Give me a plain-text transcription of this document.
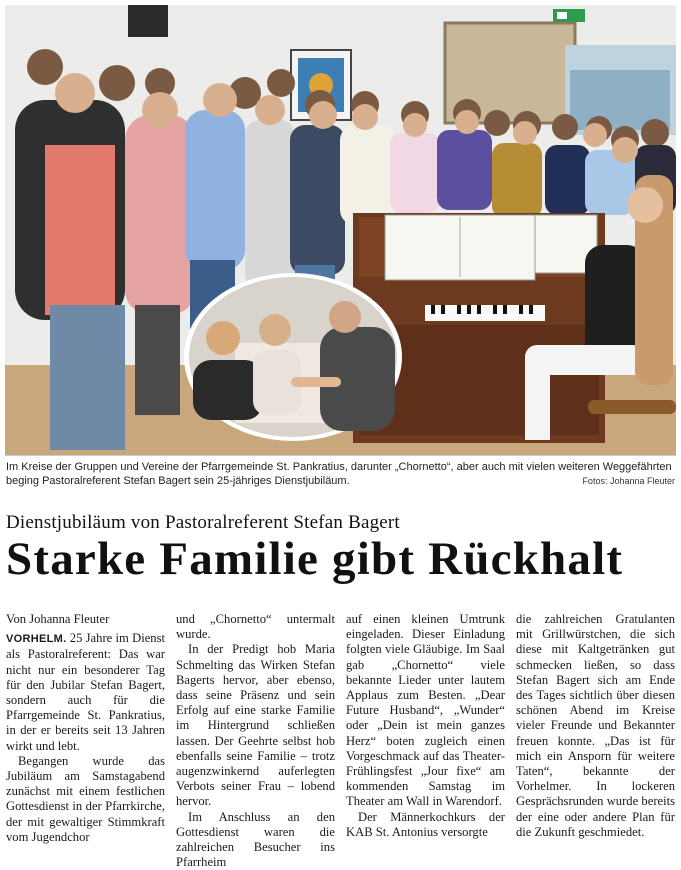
Im Kreise der Gruppen und Vereine der Pfarrgemeinde St. Pankratius, darunter „Chornetto“, aber auch mit vielen weiteren Weggefährten beging Pastoralreferent Stefan Bagert sein 25-jähriges Dienstjubiläum.	Fotos: Johanna Fleuter
Dienstjubiläum von Pastoralreferent Stefan Bagert
Starke Familie gibt Rückhalt

Von Johanna Fleuter

VORHELM. 25 Jahre im Dienst als Pastoralreferent: Das war nicht nur ein besonderer Tag für den Jubilar Stefan Bagert, sondern auch für die Pfarrgemeinde St. Pankratius, in der er bereits seit 13 Jahren wirkt und lebt.

Begangen wurde das Jubiläum am Samstagabend zunächst mit einem festlichen Gottesdienst in der Pfarrkirche, der mit gewaltiger Stimmkraft vom Jugendchor

und „Chornetto“ untermalt wurde.

In der Predigt hob Maria Schmelting das Wirken Stefan Bagerts hervor, aber ebenso, dass seine Präsenz und sein Erfolg auf eine starke Familie im Hintergrund schließen lassen. Der Geehrte selbst hob ebenfalls seine Familie – trotz augenzwinkernd auferlegten Verbots seiner Frau – lobend hervor.

Im Anschluss an den Gottesdienst waren die zahlreichen Besucher ins Pfarrheim

auf einen kleinen Umtrunk eingeladen. Dieser Einladung folgten viele Gläubige. Im Saal gab „Chornetto“ viele bekannte Lieder unter lautem Applaus zum Besten. „Dear Future Husband“, „Wunder“ oder „Dein ist mein ganzes Herz“ boten zugleich einen Vorgeschmack auf das Theater-Frühlingsfest „Jour fixe“ am kommenden Samstag im Theater am Wall in Warendorf.

Der Männerkochkurs der KAB St. Antonius versorgte

die zahlreichen Gratulanten mit Grillwürstchen, die sich diese mit Kaltgetränken gut schmecken ließen, so dass Stefan Bagert sich am Ende des Tages sichtlich über diesen schönen Abend im Kreise vieler Freunde und Bekannter freuen konnte. „Das ist für mich ein Ansporn für weitere Taten“, bekannte der Vorhelmer. In lockeren Gesprächsrunden wurde bereits der eine oder andere Plan für die Zukunft geschmiedet.
